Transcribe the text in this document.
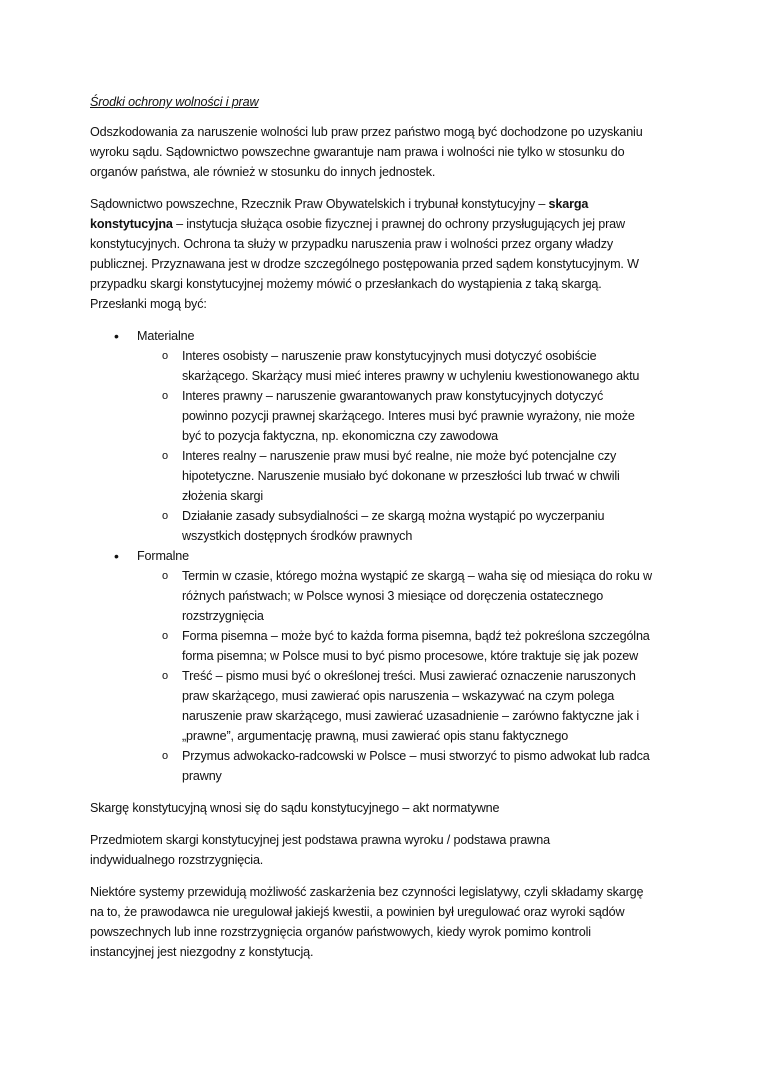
Środki ochrony wolności i praw
Odszkodowania za naruszenie wolności lub praw przez państwo mogą być dochodzone po uzyskaniu
wyroku sądu. Sądownictwo powszechne gwarantuje nam prawa i wolności nie tylko w stosunku do
organów państwa, ale również w stosunku do innych jednostek.
Sądownictwo powszechne, Rzecznik Praw Obywatelskich i trybunał konstytucyjny – skarga
konstytucyjna – instytucja służąca osobie fizycznej i prawnej do ochrony przysługujących jej praw
konstytucyjnych. Ochrona ta służy w przypadku naruszenia praw i wolności przez organy władzy
publicznej. Przyznawana jest w drodze szczególnego postępowania przed sądem konstytucyjnym. W
przypadku skargi konstytucyjnej możemy mówić o przesłankach do wystąpienia z taką skargą.
Przesłanki mogą być:
• Materialne
o Interes osobisty – naruszenie praw konstytucyjnych musi dotyczyć osobiście
skarżącego. Skarżący musi mieć interes prawny w uchyleniu kwestionowanego aktu
o Interes prawny – naruszenie gwarantowanych praw konstytucyjnych dotyczyć
powinno pozycji prawnej skarżącego. Interes musi być prawnie wyrażony, nie może
być to pozycja faktyczna, np. ekonomiczna czy zawodowa
o Interes realny – naruszenie praw musi być realne, nie może być potencjalne czy
hipotetyczne. Naruszenie musiało być dokonane w przeszłości lub trwać w chwili
złożenia skargi
o Działanie zasady subsydialności – ze skargą można wystąpić po wyczerpaniu
wszystkich dostępnych środków prawnych
• Formalne
o Termin w czasie, którego można wystąpić ze skargą – waha się od miesiąca do roku w
różnych państwach; w Polsce wynosi 3 miesiące od doręczenia ostatecznego
rozstrzygnięcia
o Forma pisemna – może być to każda forma pisemna, bądź też pokreślona szczególna
forma pisemna; w Polsce musi to być pismo procesowe, które traktuje się jak pozew
o Treść – pismo musi być o określonej treści. Musi zawierać oznaczenie naruszonych
praw skarżącego, musi zawierać opis naruszenia – wskazywać na czym polega
naruszenie praw skarżącego, musi zawierać uzasadnienie – zarówno faktyczne jak i
„prawne”, argumentację prawną, musi zawierać opis stanu faktycznego
o Przymus adwokacko-radcowski w Polsce – musi stworzyć to pismo adwokat lub radca
prawny
Skargę konstytucyjną wnosi się do sądu konstytucyjnego – akt normatywne
Przedmiotem skargi konstytucyjnej jest podstawa prawna wyroku / podstawa prawna
indywidualnego rozstrzygnięcia.
Niektóre systemy przewidują możliwość zaskarżenia bez czynności legislatywy, czyli składamy skargę
na to, że prawodawca nie uregulował jakiejś kwestii, a powinien był uregulować oraz wyroki sądów
powszechnych lub inne rozstrzygnięcia organów państwowych, kiedy wyrok pomimo kontroli
instancyjnej jest niezgodny z konstytucją.
